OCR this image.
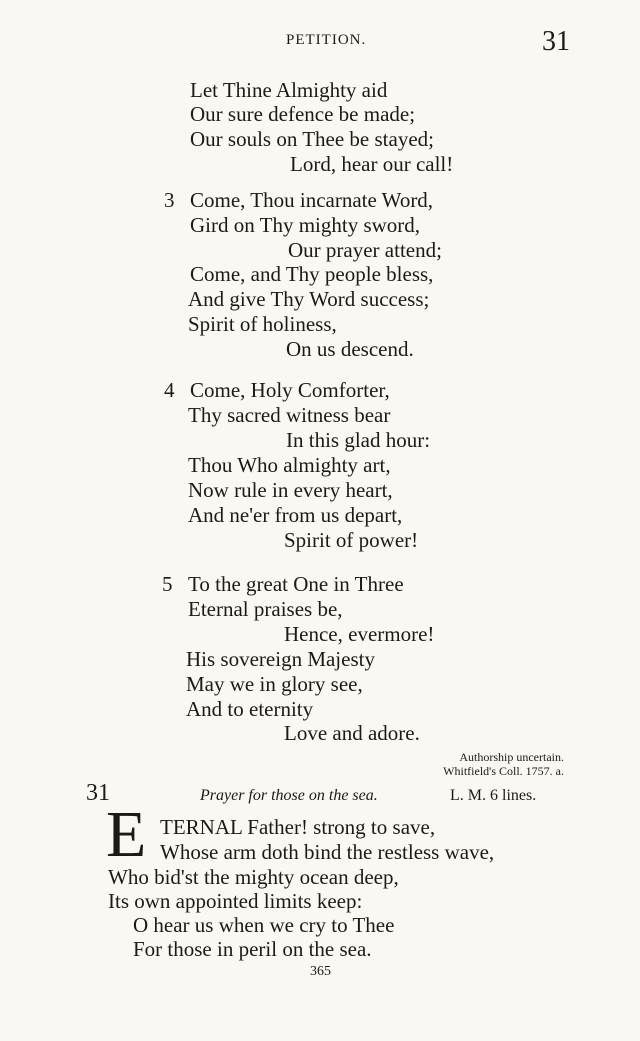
PETITION.	31
Let Thine Almighty aid
Our sure defence be made;
Our souls on Thee be stayed;
Lord, hear our call!
3 Come, Thou incarnate Word,
Gird on Thy mighty sword,
Our prayer attend;
Come, and Thy people bless,
And give Thy Word success;
Spirit of holiness,
On us descend.
4 Come, Holy Comforter,
Thy sacred witness bear
In this glad hour:
Thou Who almighty art,
Now rule in every heart,
And ne'er from us depart,
Spirit of power!
5 To the great One in Three
Eternal praises be,
Hence, evermore!
His sovereign Majesty
May we in glory see,
And to eternity
Love and adore.
Authorship uncertain.
Whitfield's Coll. 1757. a.
31	Prayer for those on the sea.	L. M. 6 lines.
E TERNAL Father! strong to save,
Whose arm doth bind the restless wave,
Who bid'st the mighty ocean deep,
Its own appointed limits keep:
O hear us when we cry to Thee
For those in peril on the sea.
365
